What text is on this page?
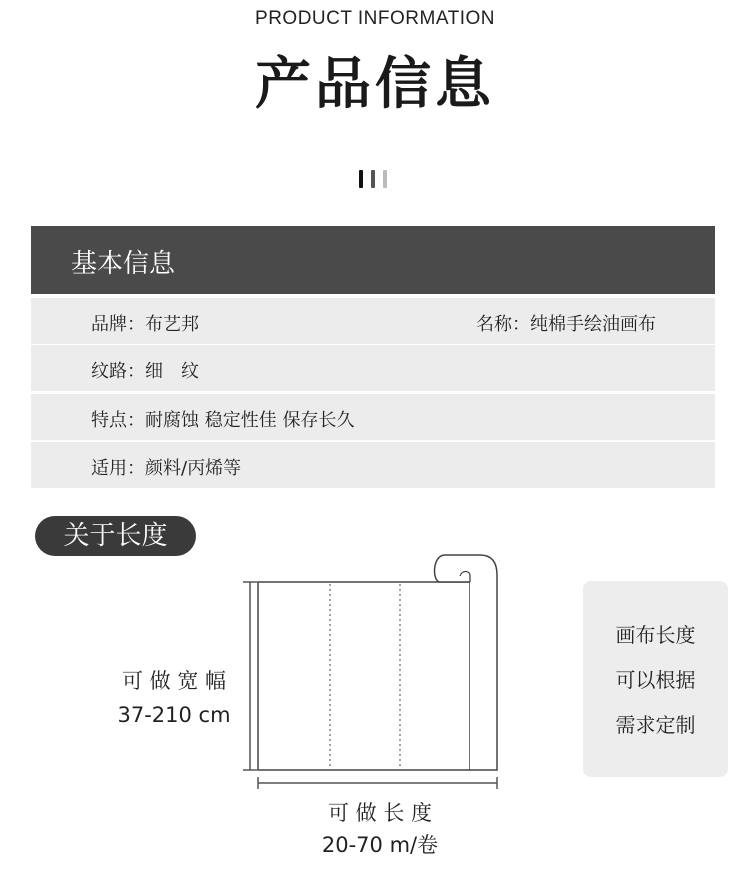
PRODUCT INFORMATION
产品信息
基本信息
品牌：布艺邦	名称：纯棉手绘油画布
纹路：细　纹
特点：耐腐蚀 稳定性佳 保存长久
适用：颜料/丙烯等
关于长度
可 做 宽 幅
37-210 cm
可 做 长 度
20-70 m/卷
画布长度
可以根据
需求定制
